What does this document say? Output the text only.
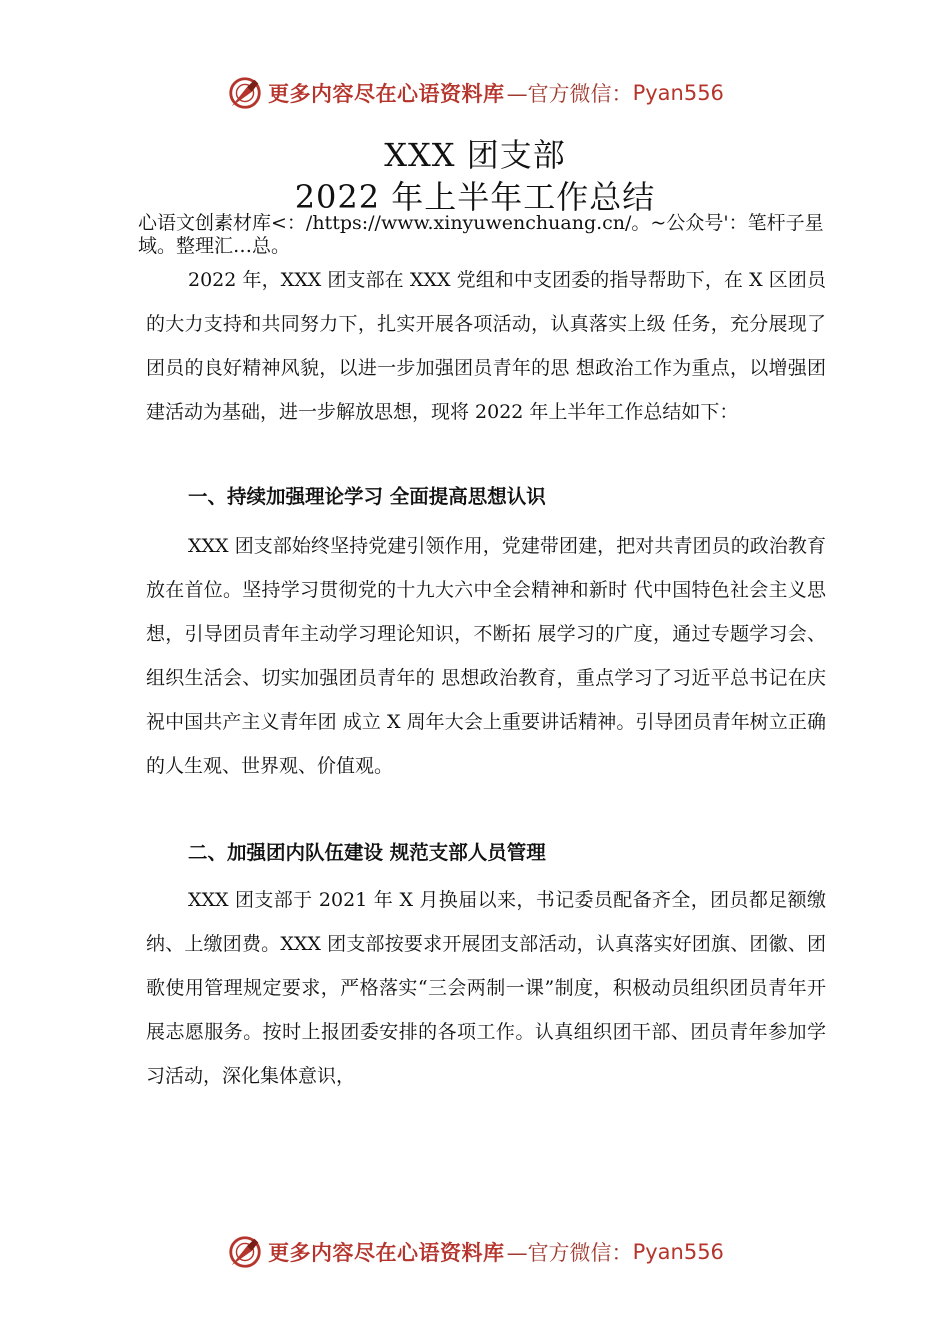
更多内容尽在心语资料库 —官方微信： Pyan556
XXX 团支部
2022 年上半年工作总结
心语文创素材库<：/https://www.xinyuwenchuang.cn/。~公众号'：笔杆子星域。整理汇…总。
2022 年，XXX 团支部在 XXX 党组和中支团委的指导帮助下，在 X 区团员的大力支持和共同努力下，扎实开展各项活动，认真落实上级 任务，充分展现了团员的良好精神风貌，以进一步加强团员青年的思 想政治工作为重点，以增强团建活动为基础，进一步解放思想，现将 2022 年上半年工作总结如下：
一、持续加强理论学习 全面提高思想认识
XXX 团支部始终坚持党建引领作用，党建带团建，把对共青团员的政治教育放在首位。坚持学习贯彻党的十九大六中全会精神和新时 代中国特色社会主义思想，引导团员青年主动学习理论知识，不断拓 展学习的广度，通过专题学习会、组织生活会、切实加强团员青年的 思想政治教育，重点学习了习近平总书记在庆祝中国共产主义青年团 成立 X 周年大会上重要讲话精神。引导团员青年树立正确的人生观、世界观、价值观。
二、加强团内队伍建设 规范支部人员管理
XXX 团支部于 2021 年 X 月换届以来，书记委员配备齐全，团员都足额缴纳、上缴团费。XXX 团支部按要求开展团支部活动，认真落实好团旗、团徽、团歌使用管理规定要求，严格落实“三会两制一课”制度，积极动员组织团员青年开展志愿服务。按时上报团委安排的各项工作。认真组织团干部、团员青年参加学习活动，深化集体意识，
更多内容尽在心语资料库 —官方微信： Pyan556
